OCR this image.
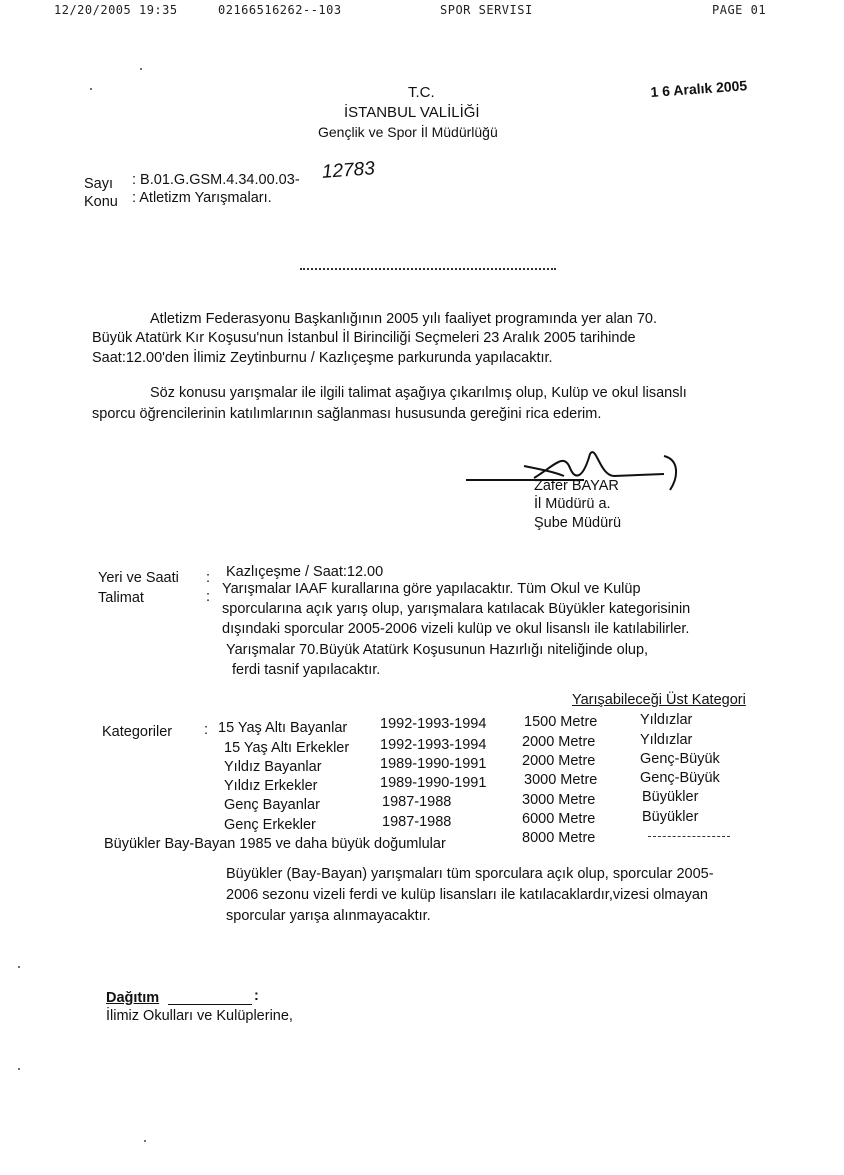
12/20/2005 19:35	02166516262--103	SPOR SERVISI	PAGE 01
T.C.
İSTANBUL VALİLİĞİ
Gençlik ve Spor İl Müdürlüğü
1 6 Aralık 2005
Sayı : B.01.G.GSM.4.34.00.03- 12783
Konu : Atletizm Yarışmaları.
Atletizm Federasyonu Başkanlığının 2005 yılı faaliyet programında yer alan 70.
Büyük Atatürk Kır Koşusu'nun İstanbul İl Birinciliği Seçmeleri 23 Aralık 2005 tarihinde
Saat:12.00'den İlimiz Zeytinburnu / Kazlıçeşme parkurunda yapılacaktır.
Söz konusu yarışmalar ile ilgili talimat aşağıya çıkarılmış olup, Kulüp ve okul lisanslı
sporcu öğrencilerinin katılımlarının sağlanması hususunda gereğini rica ederim.
Zafer BAYAR
İl Müdürü a.
Şube Müdürü
Yeri ve Saati : Kazlıçeşme / Saat:12.00
Talimat	: Yarışmalar IAAF kurallarına göre yapılacaktır. Tüm Okul ve Kulüp
sporcularına açık yarış olup, yarışmalara katılacak Büyükler kategorisinin
dışındaki sporcular 2005-2006 vizeli kulüp ve okul lisanslı ile katılabilirler.
Yarışmalar 70.Büyük Atatürk Koşusunun Hazırlığı niteliğinde olup,
ferdi tasnif yapılacaktır.
Yarışabileceği Üst Kategori
Kategoriler : 15 Yaş Altı Bayanlar 1992-1993-1994	1500 Metre	Yıldızlar
15 Yaş Altı Erkekler 1992-1993-1994 2000 Metre	Yıldızlar
Yıldız Bayanlar	1989-1990-1991 2000 Metre	Genç-Büyük
Yıldız Erkekler	1989-1990-1991	3000 Metre	Genç-Büyük
Genç Bayanlar	1987-1988	3000 Metre	Büyükler
Genç Erkekler	1987-1988	6000 Metre	Büyükler
Büyükler Bay-Bayan 1985 ve daha büyük doğumlular	8000 Metre
Büyükler (Bay-Bayan) yarışmaları tüm sporculara açık olup, sporcular 2005-
2006 sezonu vizeli ferdi ve kulüp lisansları ile katılacaklardır,vizesi olmayan
sporcular yarışa alınmayacaktır.
Dağıtım	:
İlimiz Okulları ve Kulüplerine,
